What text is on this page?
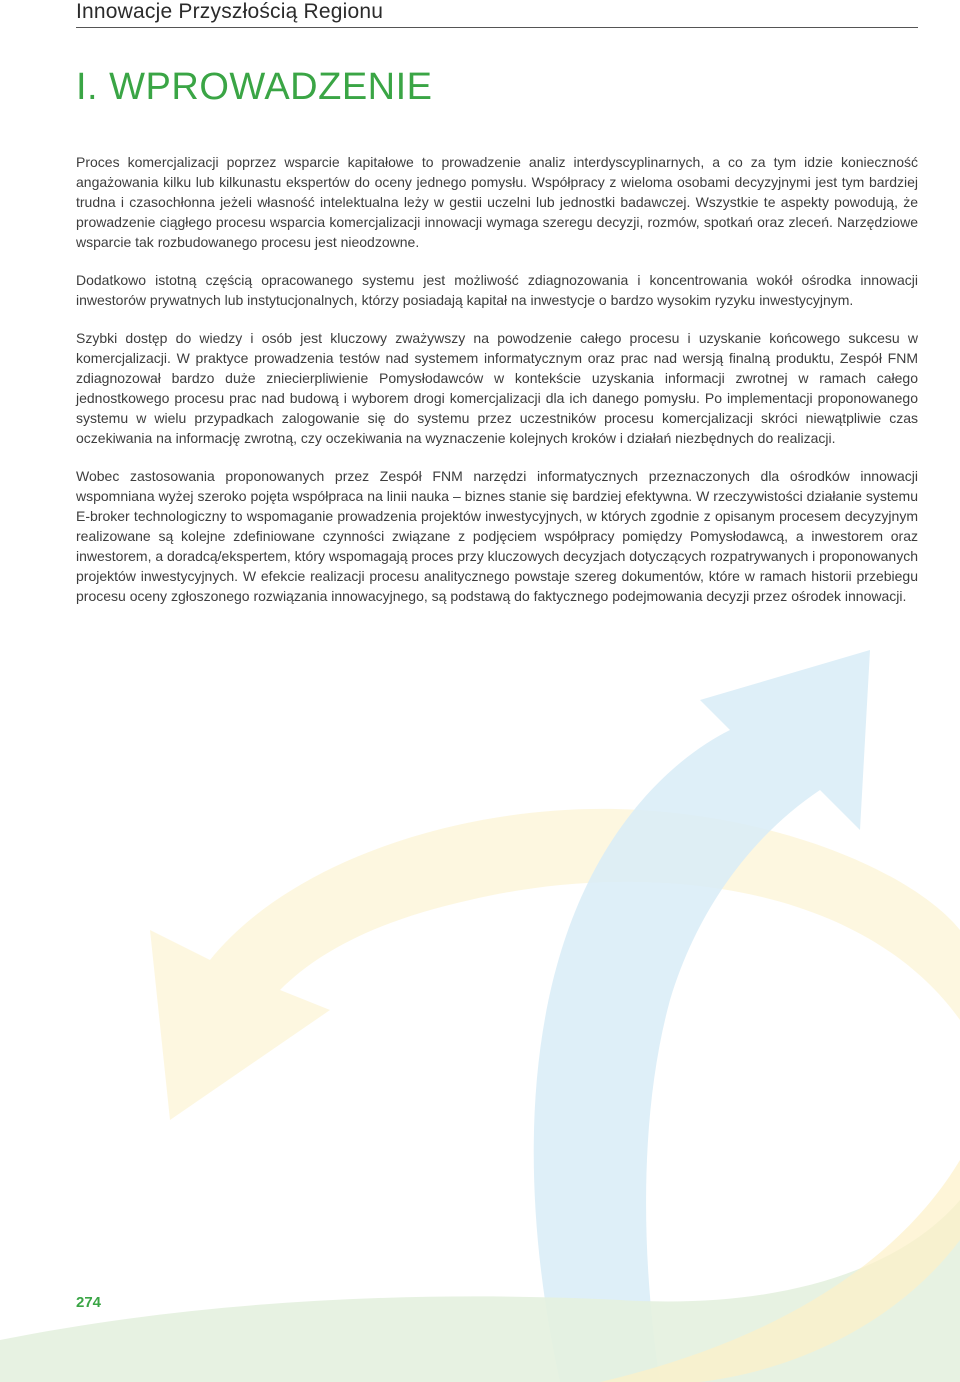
Innowacje Przyszłością Regionu
I. WPROWADZENIE

Proces komercjalizacji poprzez wsparcie kapitałowe to prowadzenie analiz interdyscyplinarnych, a co za tym idzie konieczność angażowania kilku lub kilkunastu ekspertów do oceny jednego pomysłu. Współpracy z wieloma osobami decyzyjnymi jest tym bardziej trudna i czasochłonna jeżeli własność intelektualna leży w gestii uczelni lub jednostki badawczej. Wszystkie te aspekty powodują, że prowadzenie ciągłego procesu wsparcia komercjalizacji innowacji wymaga szeregu decyzji, rozmów, spotkań oraz zleceń. Narzędziowe wsparcie tak rozbudowanego procesu jest nieodzowne.

Dodatkowo istotną częścią opracowanego systemu jest możliwość zdiagnozowania i koncentrowania wokół ośrodka innowacji inwestorów prywatnych lub instytucjonalnych, którzy posiadają kapitał na inwestycje o bardzo wysokim ryzyku inwestycyjnym.

Szybki dostęp do wiedzy i osób jest kluczowy zważywszy na powodzenie całego procesu i uzyskanie końcowego sukcesu w komercjalizacji. W praktyce prowadzenia testów nad systemem informatycznym oraz prac nad wersją finalną produktu, Zespół FNM zdiagnozował bardzo duże zniecierpliwienie Pomysłodawców w kontekście uzyskania informacji zwrotnej w ramach całego jednostkowego procesu prac nad budową i wyborem drogi komercjalizacji dla ich danego pomysłu. Po implementacji proponowanego systemu w wielu przypadkach zalogowanie się do systemu przez uczestników procesu komercjalizacji skróci niewątpliwie czas oczekiwania na informację zwrotną, czy oczekiwania na wyznaczenie kolejnych kroków i działań niezbędnych do realizacji.

Wobec zastosowania proponowanych przez Zespół FNM narzędzi informatycznych przeznaczonych dla ośrodków innowacji wspomniana wyżej szeroko pojęta współpraca na linii nauka – biznes stanie się bardziej efektywna. W rzeczywistości działanie systemu E-broker technologiczny to wspomaganie prowadzenia projektów inwestycyjnych, w których zgodnie z opisanym procesem decyzyjnym realizowane są kolejne zdefiniowane czynności związane z podjęciem współpracy pomiędzy Pomysłodawcą, a inwestorem oraz inwestorem, a doradcą/ekspertem, który wspomagają proces przy kluczowych decyzjach dotyczących rozpatrywanych i proponowanych projektów inwestycyjnych. W efekcie realizacji procesu analitycznego powstaje szereg dokumentów, które w ramach historii przebiegu procesu oceny zgłoszonego rozwiązania innowacyjnego, są podstawą do faktycznego podejmowania decyzji przez ośrodek innowacji.

274
